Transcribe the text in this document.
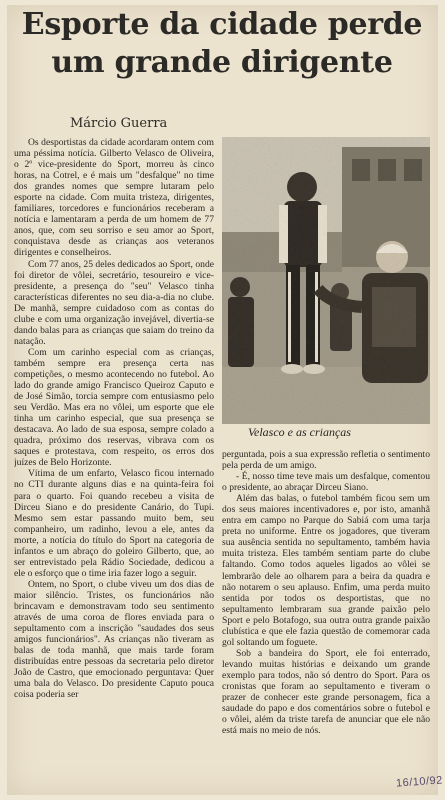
Esporte da cidade perde um grande dirigente
Márcio Guerra

Os desportistas da cidade acordaram ontem com uma péssima notícia. Gilberto Velasco de Oliveira, o 2º vice-presidente do Sport, morreu às cinco horas, na Cotrel, e é mais um "desfalque" no time dos grandes nomes que sempre lutaram pelo esporte na cidade. Com muita tristeza, dirigentes, familiares, torcedores e funcionários receberam a notícia e lamentaram a perda de um homem de 77 anos, que, com seu sorriso e seu amor ao Sport, conquistava desde as crianças aos veteranos dirigentes e conselheiros.

Com 77 anos, 25 deles dedicados ao Sport, onde foi diretor de vôlei, secretário, tesoureiro e vice-presidente, a presença do "seu" Velasco tinha características diferentes no seu dia-a-dia no clube. De manhã, sempre cuidadoso com as contas do clube e com uma organização invejável, divertia-se dando balas para as crianças que saiam do treino da natação.

Com um carinho especial com as crianças, também sempre era presença certa nas competições, o mesmo acontecendo no futebol. Ao lado do grande amigo Francisco Queiroz Caputo e de José Simão, torcia sempre com entusiasmo pelo seu Verdão. Mas era no vôlei, um esporte que ele tinha um carinho especial, que sua presença se destacava. Ao lado de sua esposa, sempre colado a quadra, próximo dos reservas, vibrava com os saques e protestava, com respeito, os erros dos juízes de Belo Horizonte.

Vítima de um enfarto, Velasco ficou internado no CTI durante alguns dias e na quinta-feira foi para o quarto. Foi quando recebeu a visita de Dirceu Siano e do presidente Canário, do Tupi. Mesmo sem estar passando muito bem, seu companheiro, um radinho, levou a ele, antes da morte, a notícia do título do Sport na categoria de infantos e um abraço do goleiro Gilberto, que, ao ser entrevistado pela Rádio Sociedade, dedicou a ele o esforço que o time iria fazer logo a seguir.

Ontem, no Sport, o clube viveu um dos dias de maior silêncio. Tristes, os funcionários não brincavam e demonstravam todo seu sentimento através de uma coroa de flores enviada para o sepultamento com a inscrição "saudades dos seus amigos funcionários". As crianças não tiveram as balas de toda manhã, que mais tarde foram distribuídas entre pessoas da secretaria pelo diretor João de Castro, que emocionado perguntava: Quer uma bala do Velasco. Do presidente Caputo pouca coisa poderia ser

Velasco e as crianças

perguntada, pois a sua expressão refletia o sentimento pela perda de um amigo.

- É, nosso time teve mais um desfalque, comentou o presidente, ao abraçar Dirceu Siano.

Além das balas, o futebol também ficou sem um dos seus maiores incentivadores e, por isto, amanhã entra em campo no Parque do Sabiá com uma tarja preta no uniforme. Entre os jogadores, que tiveram sua ausência sentida no sepultamento, também havia muita tristeza. Eles também sentiam parte do clube faltando. Como todos aqueles ligados ao vôlei se lembrarão dele ao olharem para a beira da quadra e não notarem o seu aplauso. Enfim, uma perda muito sentida por todos os desportistas, que no sepultamento lembraram sua grande paixão pelo Sport e pelo Botafogo, sua outra outra grande paixão clubística e que ele fazia questão de comemorar cada gol soltando um foguete.

Sob a bandeira do Sport, ele foi enterrado, levando muitas histórias e deixando um grande exemplo para todos, não só dentro do Sport. Para os cronistas que foram ao sepultamento e tiveram o prazer de conhecer este grande personagem, fica a saudade do papo e dos comentários sobre o futebol e o vôlei, além da triste tarefa de anunciar que ele não está mais no meio de nós.

16/10/92
